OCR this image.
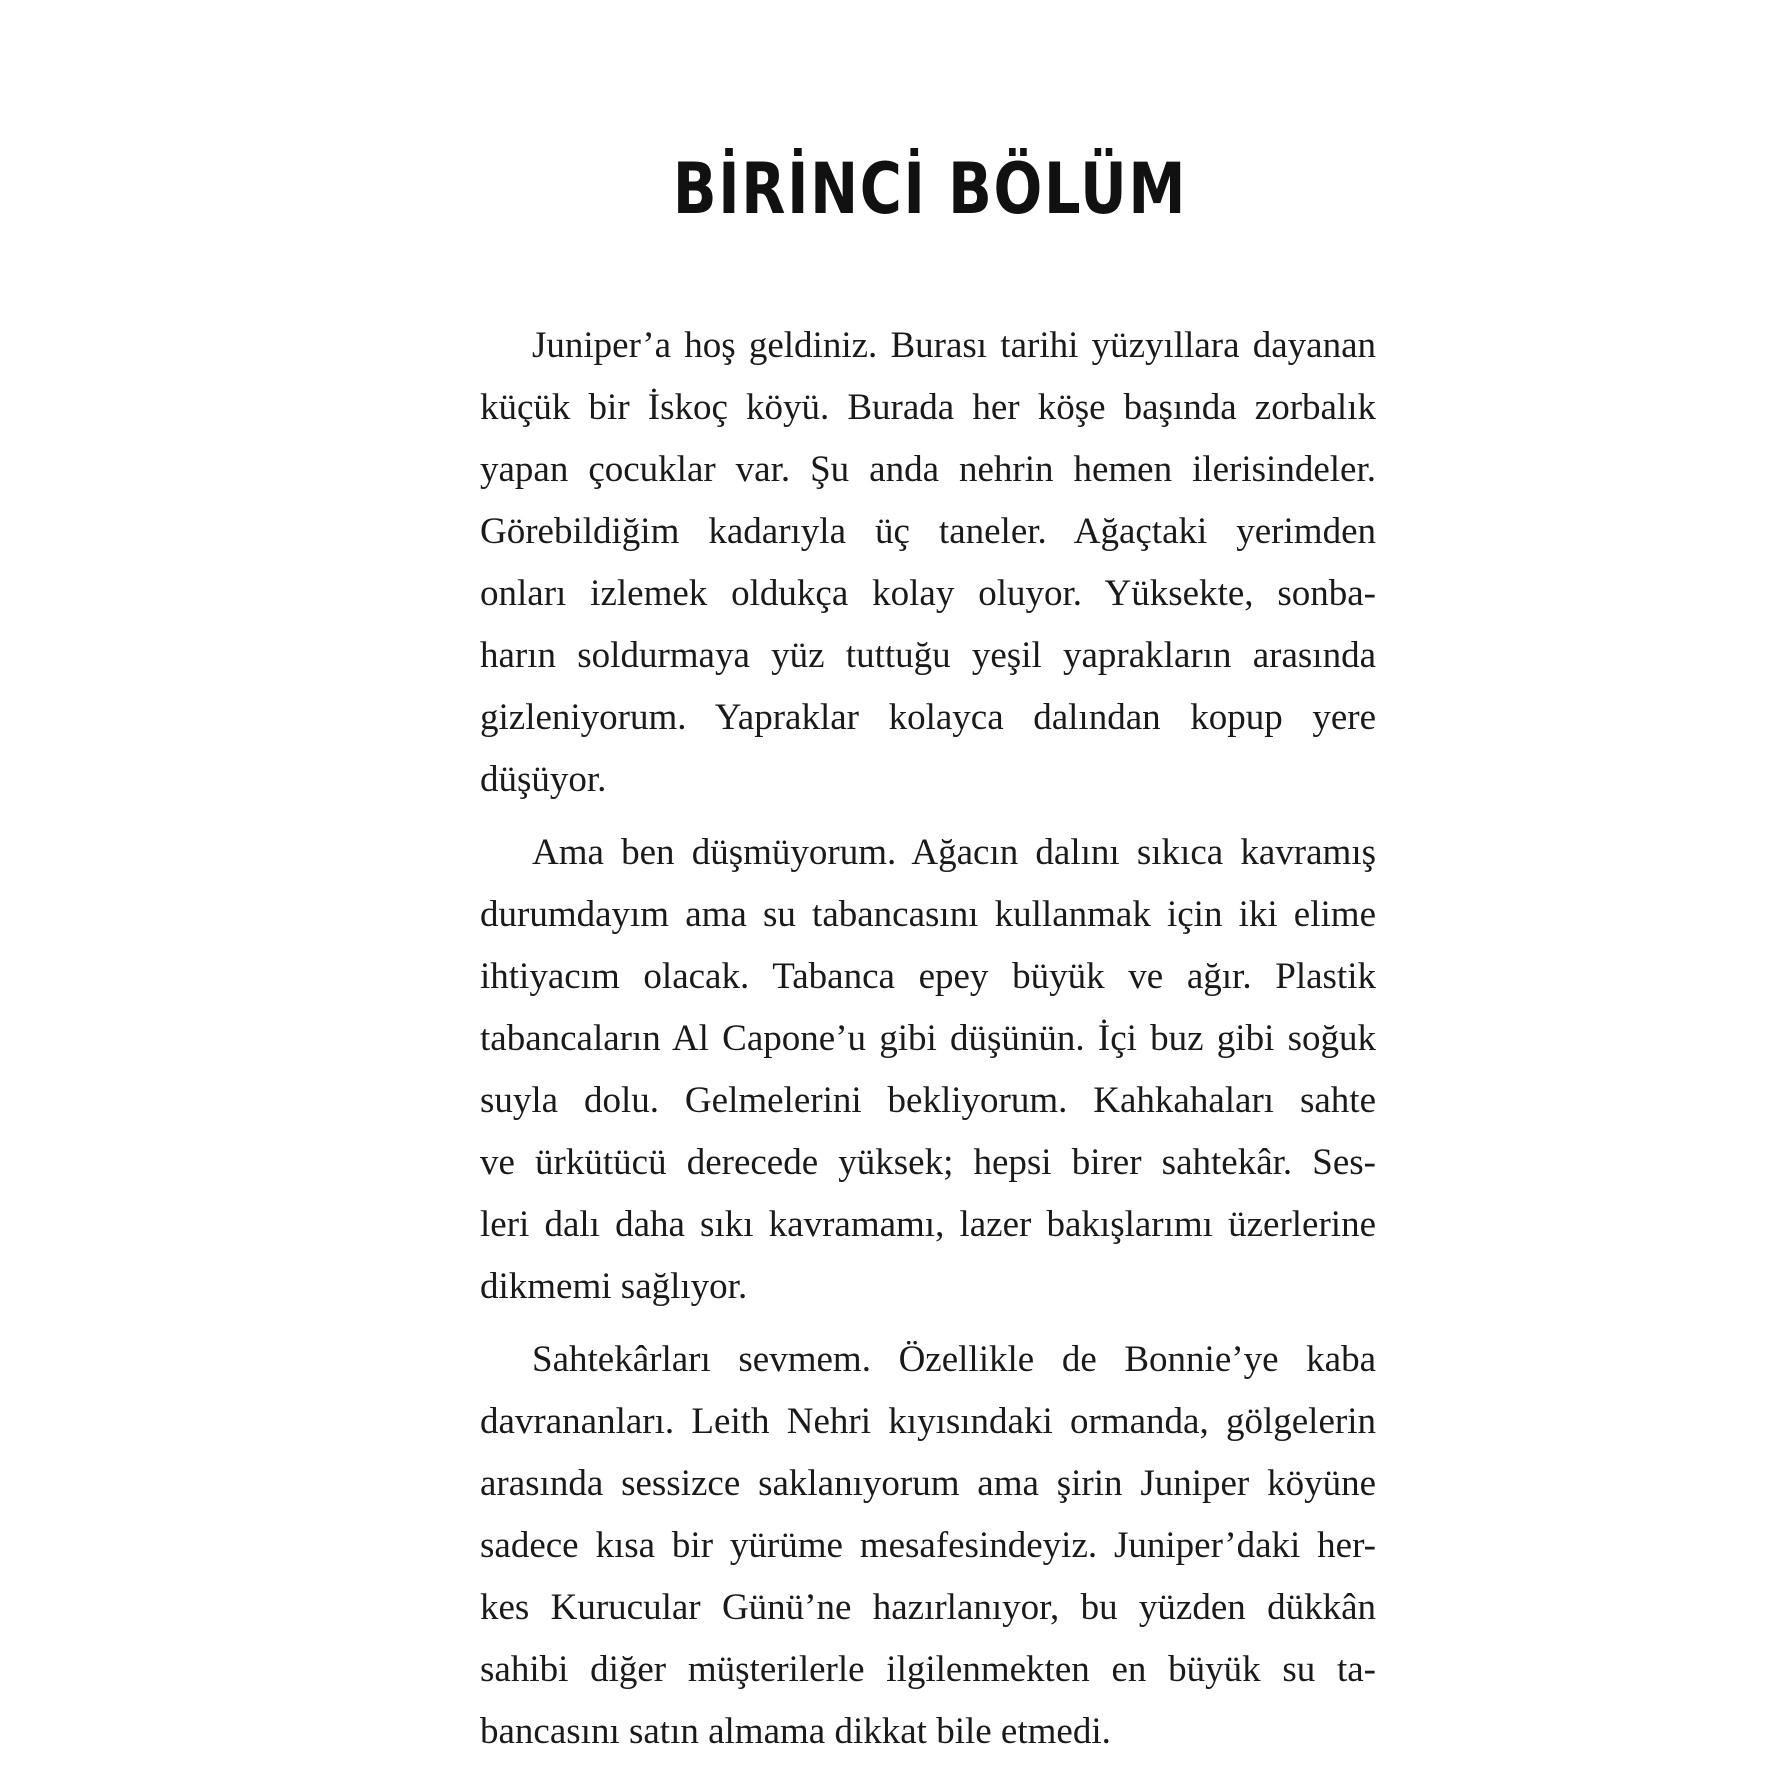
BİRİNCİ BÖLÜM

Juniper’a hoş geldiniz. Burası tarihi yüzyıllara dayanan
küçük bir İskoç köyü. Burada her köşe başında zorbalık
yapan çocuklar var. Şu anda nehrin hemen ilerisindeler.
Görebildiğim kadarıyla üç taneler. Ağaçtaki yerimden
onları izlemek oldukça kolay oluyor. Yüksekte, sonba-
harın soldurmaya yüz tuttuğu yeşil yaprakların arasında
gizleniyorum. Yapraklar kolayca dalından kopup yere
düşüyor.

Ama ben düşmüyorum. Ağacın dalını sıkıca kavramış
durumdayım ama su tabancasını kullanmak için iki elime
ihtiyacım olacak. Tabanca epey büyük ve ağır. Plastik
tabancaların Al Capone’u gibi düşünün. İçi buz gibi soğuk
suyla dolu. Gelmelerini bekliyorum. Kahkahaları sahte
ve ürkütücü derecede yüksek; hepsi birer sahtekâr. Ses-
leri dalı daha sıkı kavramamı, lazer bakışlarımı üzerlerine
dikmemi sağlıyor.

Sahtekârları sevmem. Özellikle de Bonnie’ye kaba
davrananları. Leith Nehri kıyısındaki ormanda, gölgelerin
arasında sessizce saklanıyorum ama şirin Juniper köyüne
sadece kısa bir yürüme mesafesindeyiz. Juniper’daki her-
kes Kurucular Günü’ne hazırlanıyor, bu yüzden dükkân
sahibi diğer müşterilerle ilgilenmekten en büyük su ta-
bancasını satın almama dikkat bile etmedi.
